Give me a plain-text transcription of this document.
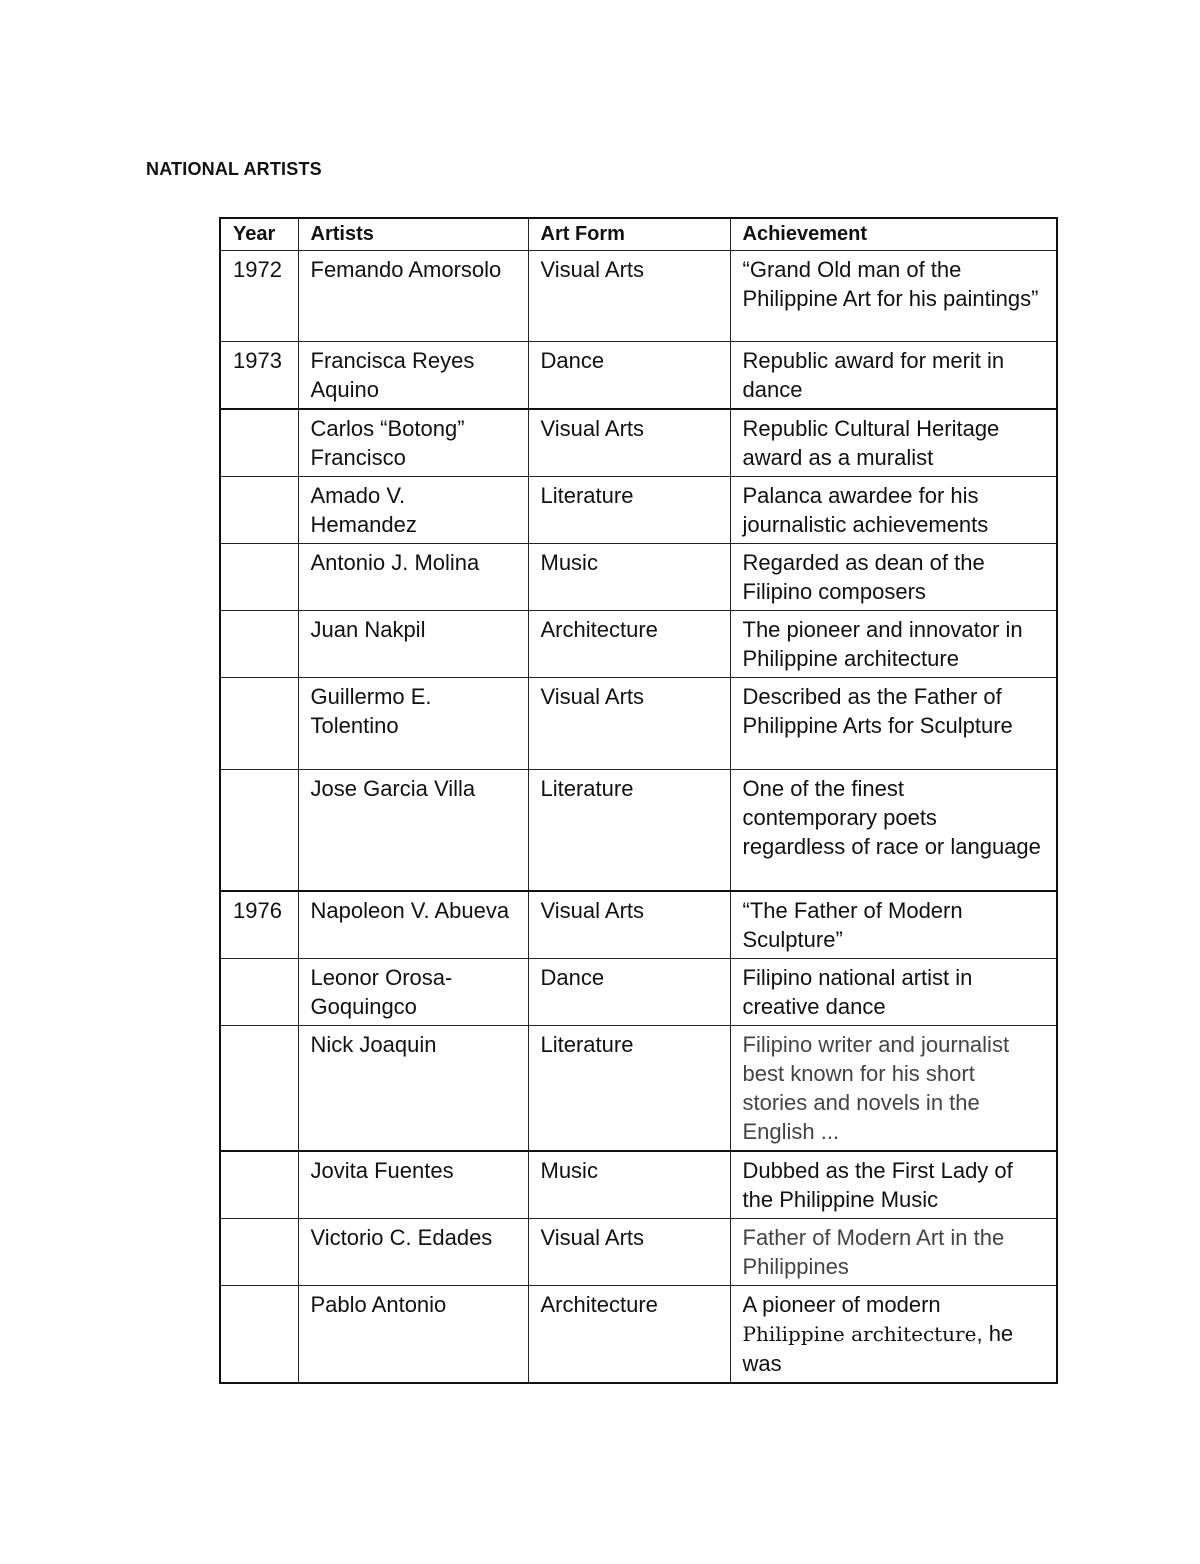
NATIONAL ARTISTS
Year	Artists	Art Form	Achievement
1972	Femando Amorsolo	Visual Arts	“Grand Old man of the Philippine Art for his paintings”
1973	Francisca Reyes Aquino	Dance	Republic award for merit in dance
	Carlos “Botong” Francisco	Visual Arts	Republic Cultural Heritage award as a muralist
	Amado V. Hemandez	Literature	Palanca awardee for his journalistic achievements
	Antonio J. Molina	Music	Regarded as dean of the Filipino composers
	Juan Nakpil	Architecture	The pioneer and innovator in Philippine architecture
	Guillermo E. Tolentino	Visual Arts	Described as the Father of Philippine Arts for Sculpture
	Jose Garcia Villa	Literature	One of the finest contemporary poets regardless of race or language
1976	Napoleon V. Abueva	Visual Arts	“The Father of Modern Sculpture”
	Leonor Orosa-Goquingco	Dance	Filipino national artist in creative dance
	Nick Joaquin	Literature	Filipino writer and journalist best known for his short stories and novels in the English ...
	Jovita Fuentes	Music	Dubbed as the First Lady of the Philippine Music
	Victorio C. Edades	Visual Arts	Father of Modern Art in the Philippines
	Pablo Antonio	Architecture	A pioneer of modern Philippine architecture, he was
